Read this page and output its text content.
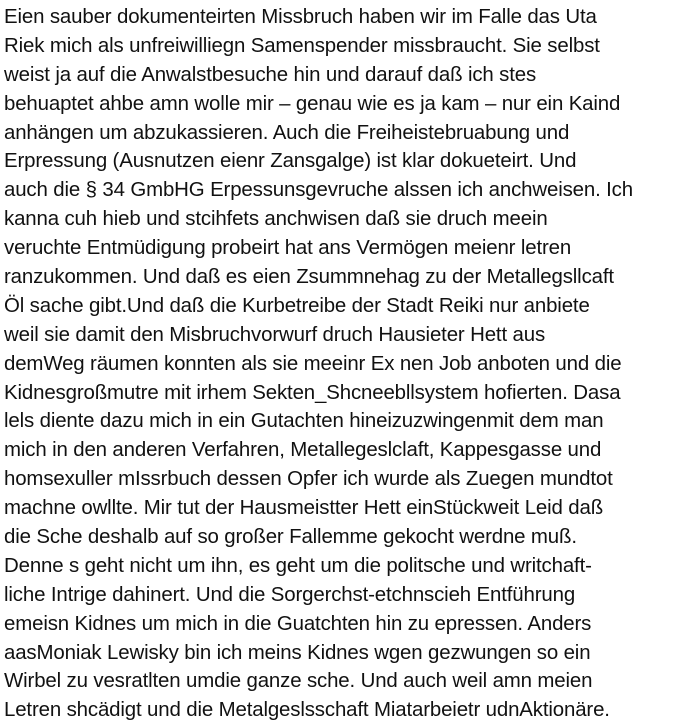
Eien sauber dokumenteirten Missbruch haben wir im Falle das Uta
Riek mich als unfreiwilliegn Samenspender missbraucht. Sie selbst
weist ja auf die Anwalstbesuche hin und darauf daß ich stes
behuaptet ahbe amn wolle mir – genau wie es ja kam – nur ein Kaind
anhängen um abzukassieren. Auch die Freiheistebruabung und
Erpressung (Ausnutzen eienr Zansgalge) ist klar dokueteirt. Und
auch die § 34 GmbHG Erpessunsgevruche alssen ich anchweisen. Ich
kanna cuh hieb und stcihfets anchwisen daß sie druch meein
veruchte Entmüdigung probeirt hat ans Vermögen meienr letren
ranzukommen. Und daß es eien Zsummnehag zu der Metallegsllcaft
Öl sache gibt.Und daß die Kurbetreibe der Stadt Reiki nur anbiete
weil sie damit den Misbruchvorwurf druch Hausieter Hett aus
demWeg räumen konnten als sie meeinr Ex nen Job anboten und die
Kidnesgroßmutre mit irhem Sekten_Shcneebllsystem hofierten. Dasa
lels diente dazu mich in ein Gutachten hineizuzwingenmit dem man
mich in den anderen Verfahren, Metallegeslclaft, Kappesgasse und
homsexuller mIssrbuch dessen Opfer ich wurde als Zuegen mundtot
machne owllte. Mir tut der Hausmeistter Hett einStückweit Leid daß
die Sche deshalb auf so großer Fallemme gekocht werdne muß.
Denne s geht nicht um ihn, es geht um die politsche und writchaft-
liche Intrige dahinert. Und die Sorgerchst-etchnscieh Entführung
emeisn Kidnes um mich in die Guatchten hin zu epressen. Anders
aasMoniak Lewisky bin ich meins Kidnes wgen gezwungen so ein
Wirbel zu vesratlten umdie ganze sche. Und auch weil amn meien
Letren shcädigt und die Metalgeslsschaft Miatarbeietr udnAktionäre.
